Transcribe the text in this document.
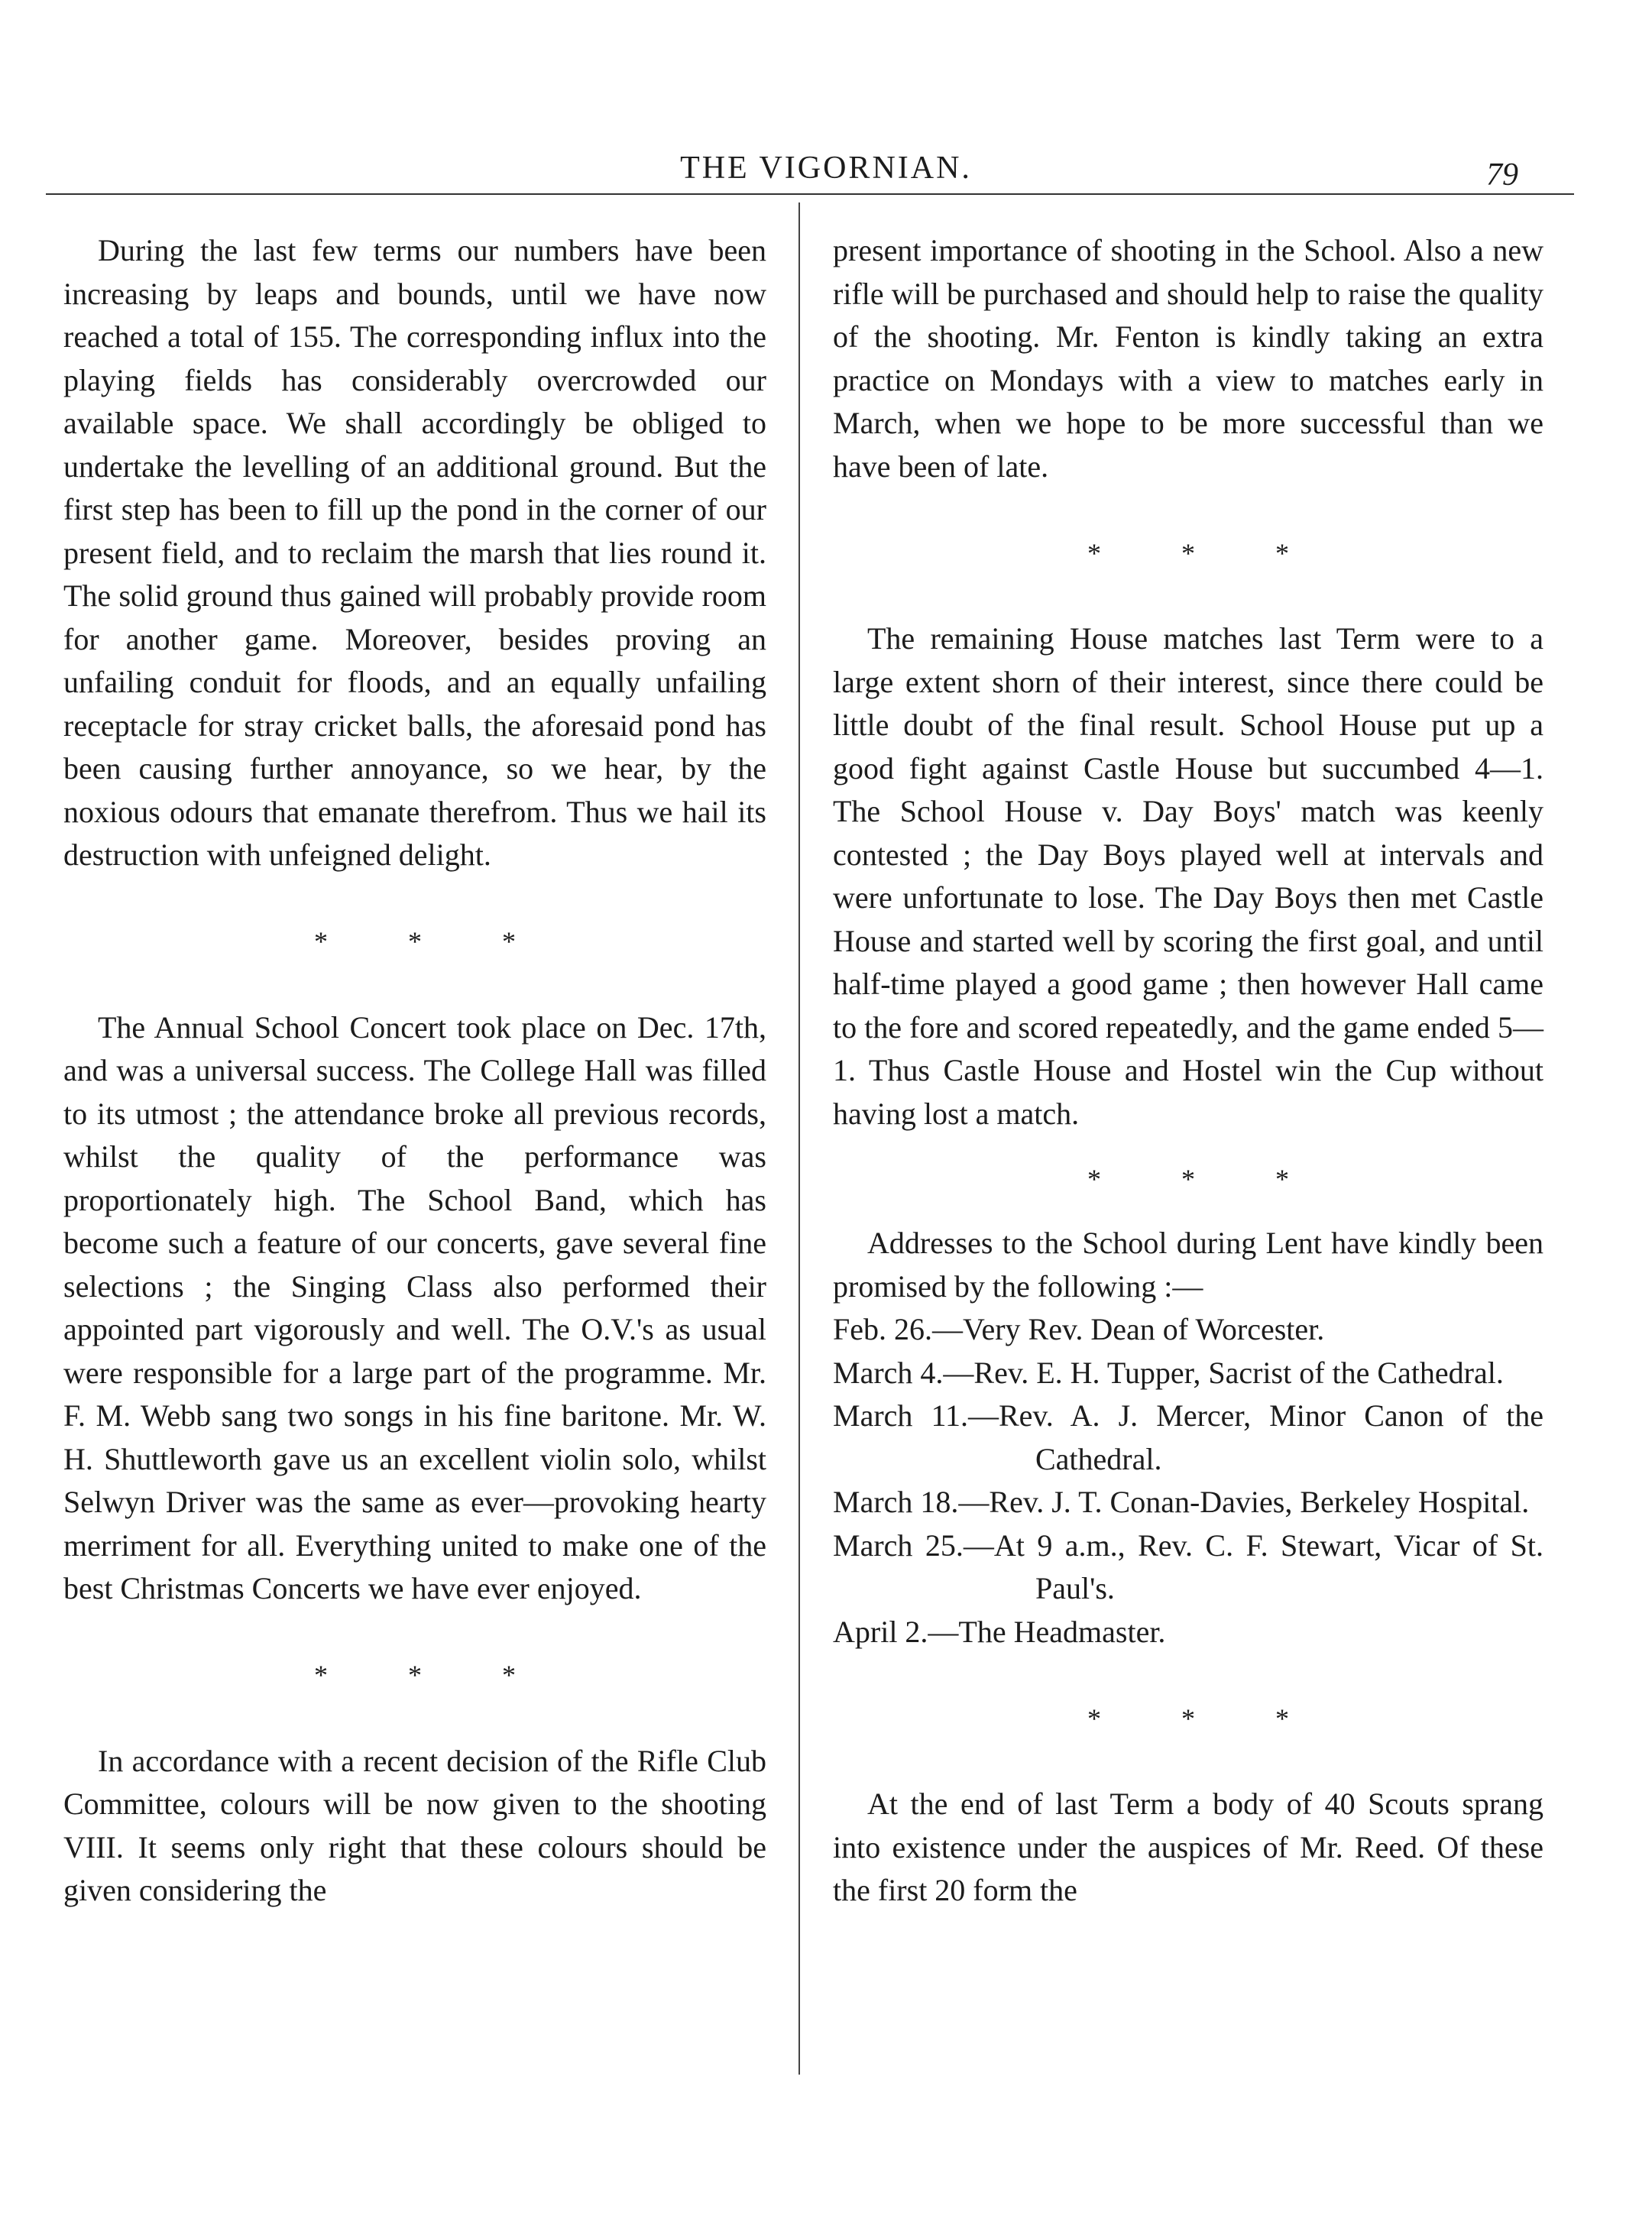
THE VIGORNIAN.	79

During the last few terms our numbers have been increasing by leaps and bounds, until we have now reached a total of 155. The corresponding influx into the playing fields has considerably overcrowded our available space. We shall accordingly be obliged to undertake the levelling of an additional ground. But the first step has been to fill up the pond in the corner of our present field, and to reclaim the marsh that lies round it. The solid ground thus gained will probably provide room for another game. Moreover, besides proving an unfailing conduit for floods, and an equally unfailing receptacle for stray cricket balls, the aforesaid pond has been causing further annoyance, so we hear, by the noxious odours that emanate therefrom. Thus we hail its destruction with unfeigned delight.

*	*	*

The Annual School Concert took place on Dec. 17th, and was a universal success. The College Hall was filled to its utmost ; the attendance broke all previous records, whilst the quality of the performance was proportionately high. The School Band, which has become such a feature of our concerts, gave several fine selections ; the Singing Class also performed their appointed part vigorously and well. The O.V.'s as usual were responsible for a large part of the programme. Mr. F. M. Webb sang two songs in his fine baritone. Mr. W. H. Shuttleworth gave us an excellent violin solo, whilst Selwyn Driver was the same as ever—provoking hearty merriment for all. Everything united to make one of the best Christmas Concerts we have ever enjoyed.

*	*	*

In accordance with a recent decision of the Rifle Club Committee, colours will be now given to the shooting VIII. It seems only right that these colours should be given considering the

present importance of shooting in the School. Also a new rifle will be purchased and should help to raise the quality of the shooting. Mr. Fenton is kindly taking an extra practice on Mondays with a view to matches early in March, when we hope to be more successful than we have been of late.

*	*	*

The remaining House matches last Term were to a large extent shorn of their interest, since there could be little doubt of the final result. School House put up a good fight against Castle House but succumbed 4—1. The School House v. Day Boys' match was keenly contested ; the Day Boys played well at intervals and were unfortunate to lose. The Day Boys then met Castle House and started well by scoring the first goal, and until half-time played a good game ; then however Hall came to the fore and scored repeatedly, and the game ended 5—1. Thus Castle House and Hostel win the Cup without having lost a match.

*	*	*

Addresses to the School during Lent have kindly been promised by the following :—

Feb. 26.—Very Rev. Dean of Worcester.
March 4.—Rev. E. H. Tupper, Sacrist of the Cathedral.
March 11.—Rev. A. J. Mercer, Minor Canon of the Cathedral.
March 18.—Rev. J. T. Conan-Davies, Berkeley Hospital.
March 25.—At 9 a.m., Rev. C. F. Stewart, Vicar of St. Paul's.
April 2.—The Headmaster.
*	*	*

At the end of last Term a body of 40 Scouts sprang into existence under the auspices of Mr. Reed. Of these the first 20 form the
